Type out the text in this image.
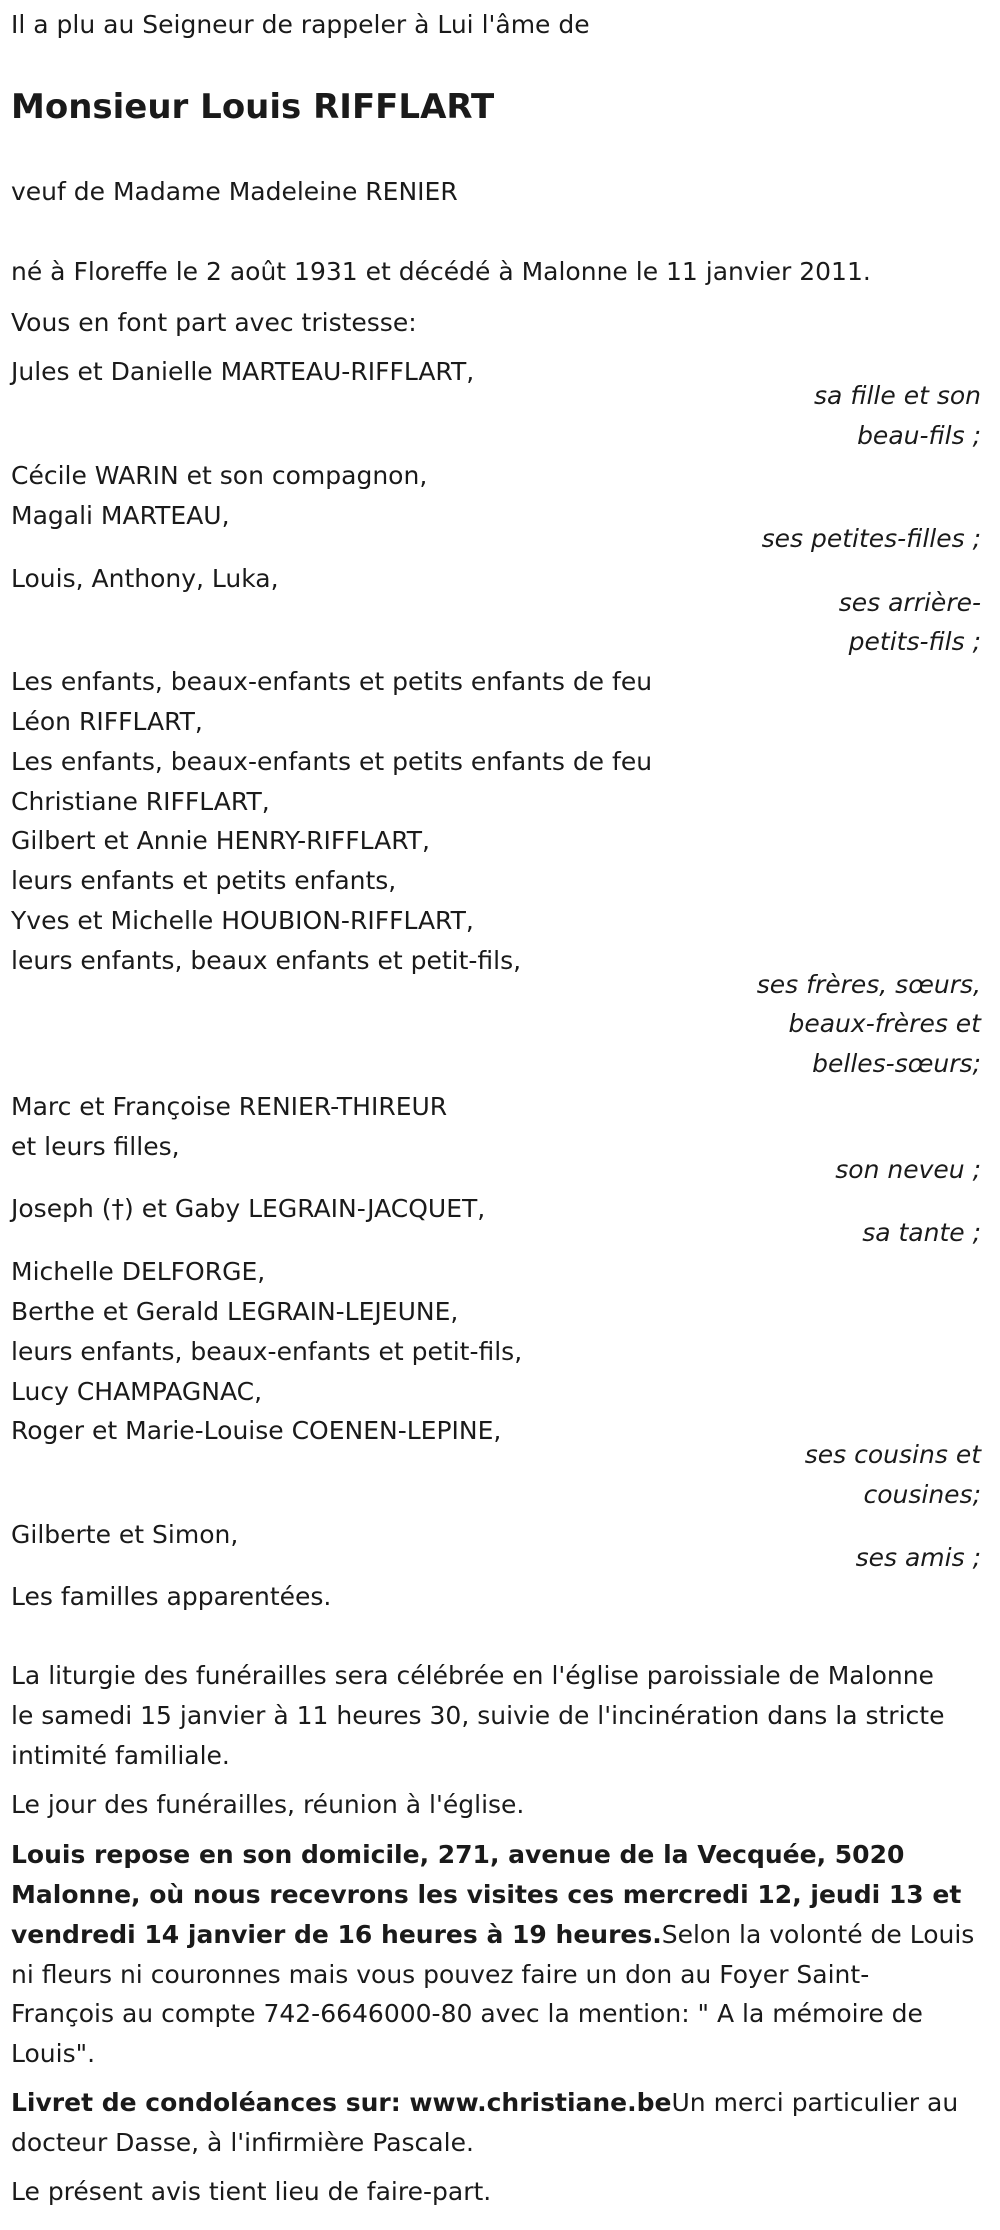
Il a plu au Seigneur de rappeler à Lui l'âme de
Monsieur Louis RIFFLART
veuf de Madame Madeleine RENIER
né à Floreffe le 2 août 1931 et décédé à Malonne le 11 janvier 2011.
Vous en font part avec tristesse:
Jules et Danielle MARTEAU-RIFFLART,
sa fille et son
beau-fils ;
Cécile WARIN et son compagnon,
Magali MARTEAU,
ses petites-filles ;
Louis, Anthony, Luka,
ses arrière-
petits-fils ;
Les enfants, beaux-enfants et petits enfants de feu
Léon RIFFLART,
Les enfants, beaux-enfants et petits enfants de feu
Christiane RIFFLART,
Gilbert et Annie HENRY-RIFFLART,
leurs enfants et petits enfants,
Yves et Michelle HOUBION-RIFFLART,
leurs enfants, beaux enfants et petit-fils,
ses frères, sœurs,
beaux-frères et
belles-sœurs;
Marc et Françoise RENIER-THIREUR
et leurs filles,
son neveu ;
Joseph (†) et Gaby LEGRAIN-JACQUET,
sa tante ;
Michelle DELFORGE,
Berthe et Gerald LEGRAIN-LEJEUNE,
leurs enfants, beaux-enfants et petit-fils,
Lucy CHAMPAGNAC,
Roger et Marie-Louise COENEN-LEPINE,
ses cousins et
cousines;
Gilberte et Simon,
ses amis ;
Les familles apparentées.
La liturgie des funérailles sera célébrée en l'église paroissiale de Malonne
le samedi 15 janvier à 11 heures 30, suivie de l'incinération dans la stricte
intimité familiale.
Le jour des funérailles, réunion à l'église.
Louis repose en son domicile, 271, avenue de la Vecquée, 5020
Malonne, où nous recevrons les visites ces mercredi 12, jeudi 13 et
vendredi 14 janvier de 16 heures à 19 heures.Selon la volonté de Louis
ni fleurs ni couronnes mais vous pouvez faire un don au Foyer Saint-
François au compte 742-6646000-80 avec la mention: " A la mémoire de
Louis".
Livret de condoléances sur: www.christiane.beUn merci particulier au
docteur Dasse, à l'infirmière Pascale.
Le présent avis tient lieu de faire-part.
